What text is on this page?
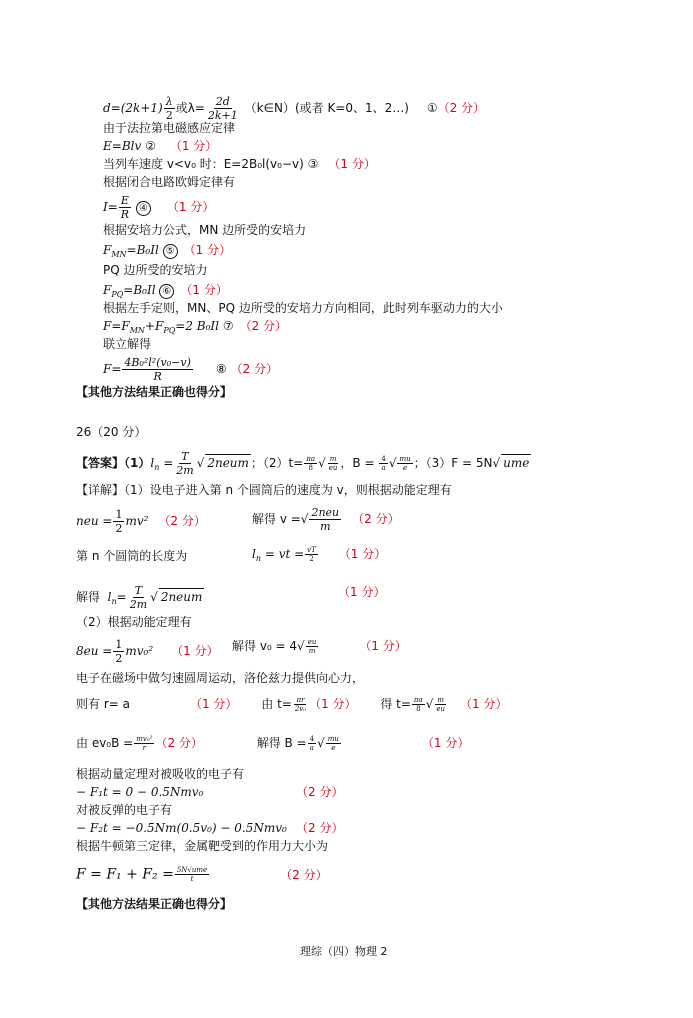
$d=(2k+1) \frac{\lambda}{2}$ 或$\lambda= \frac{2d}{2k+1}$ （k∈N）(或者 K=0、1、2…) ①（2 分）
由于法拉第电磁感应定律
E=Blv ② （1 分）
当列车速度 v<v₀ 时：E=2B₀l(v₀−v) ③ （1 分）
根据闭合电路欧姆定律有
$I= \frac{E}{R}$ ④ （1 分）
根据安培力公式，MN 边所受的安培力
$F_{MN}=B_0Il$ ⑤ （1 分）
PQ 边所受的安培力
$F_{PQ}=B_0Il$ ⑥ （1 分）
根据左手定则，MN、PQ 边所受的安培力方向相同，此时列车驱动力的大小
$F=F_{MN}+F_{PQ}=2$ B₀Il ⑦ （2 分）
联立解得
$F= \frac{\text{4B₀²l²(v₀−v)}}{R}$ ⑧ （2 分）
【其他方法结果正确也得分】
26（20 分）
【答案】$(1)l_n = \frac{T}{2m}$ √ 2neum ；$(2)t= \frac{\pi a}{8}$ √ $\frac{m}{eu}$ ，$B = \frac{4}{a}$ √ $\frac{mu}{e}$ ；（3）F = 5N√ ume
【详解】（1）设电子进入第 n 个圆筒后的速度为 v，则根据动能定理有
neu = $\frac{1}{2} mv^2$ （2 分）	解得 v =√ $\frac{\text{2neu}}{m} (2$ 分）
第 n 个圆筒的长度为	$l_n$ = vt = $\frac{vT}{2} (1$ 分）
解得 $l_n= \frac{T}{2m}$ √ 2neum	（1 分）
（2）根据动能定理有
$8eu = \frac{1}{2} mv_0^2$ （1 分） 解得 $v_0 = 4√ \frac{eu}{m}$	（1 分）
电子在磁场中做匀速圆周运动，洛伦兹力提供向心力，
则有 r= a	（1 分） 由 $t= \frac{\pi r}{\text{2v₀}} (1$ 分） 得 $t= \frac{\pi a}{8}$ √ $\frac{m}{eu} (1$ 分）
由 $ev_0B = \frac{\text{mv₀²}}{r} (2$ 分）	解得 $B = \frac{4}{a}$ √ $\frac{mu}{e}$	（1 分）
根据动量定理对被吸收的电子有
− F₁t = 0 − 0.5Nmv₀	（2 分）
对被反弹的电子有
− F₂t = −0.5Nm(0.5v₀) − 0.5Nmv₀ （2 分）
根据牛顿第三定律，金属靶受到的作用力大小为
$F = F_1 + F_2 = \frac{\text{5N√ume}}{t}$	（2 分）
【其他方法结果正确也得分】
理综（四）物理 2
